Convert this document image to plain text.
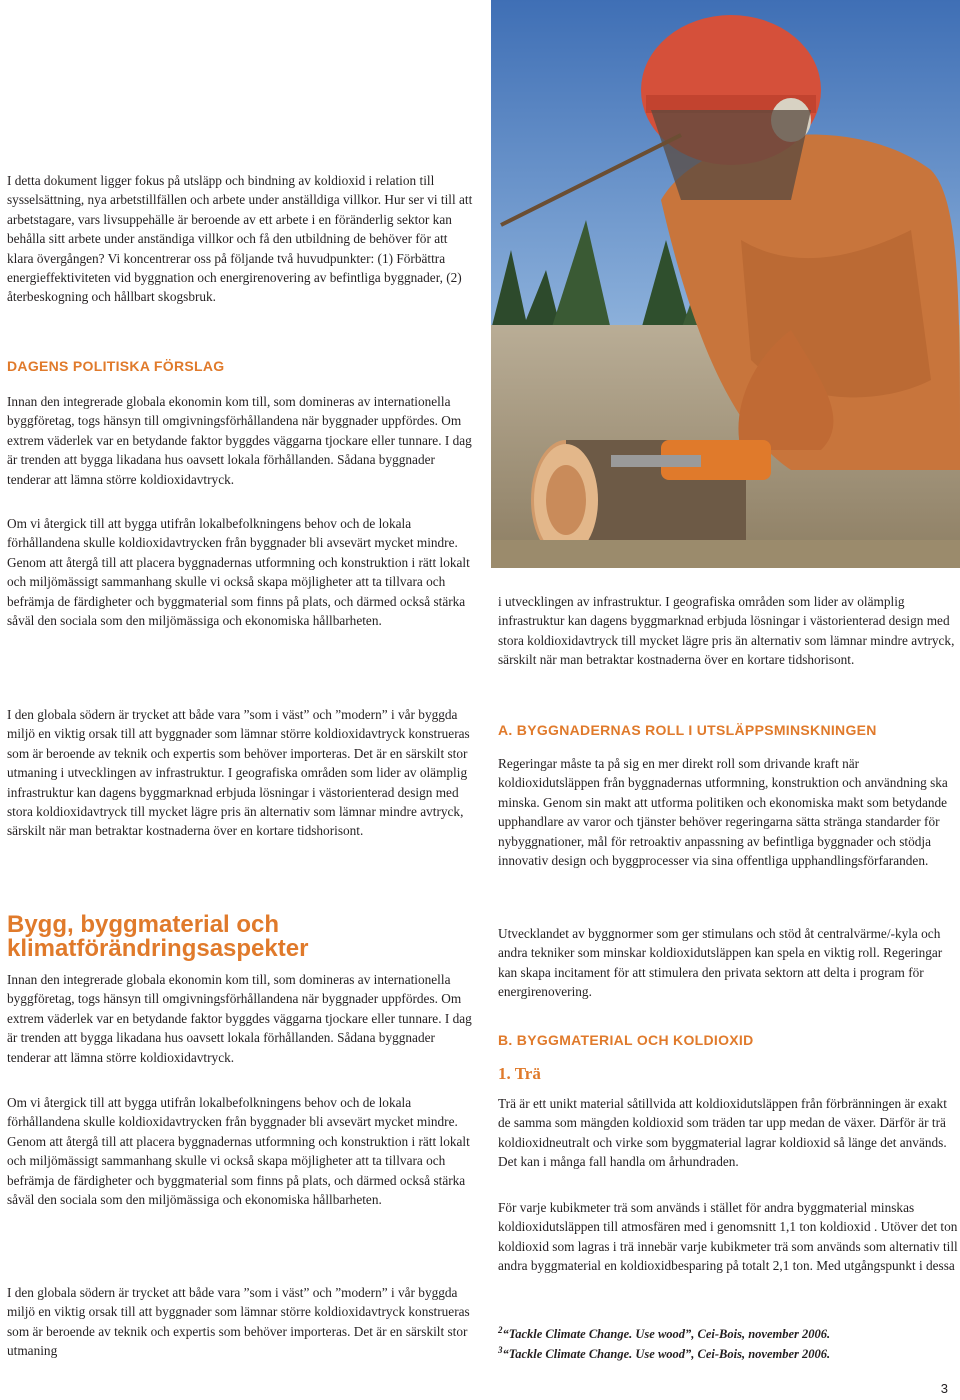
I detta dokument ligger fokus på utsläpp och bindning av koldioxid i relation till sysselsättning, nya arbetstillfällen och arbete under anställdiga villkor. Hur ser vi till att arbetstagare, vars livsuppehälle är beroende av ett arbete i en föränderlig sektor kan behålla sitt arbete under anständiga villkor och få den utbildning de behöver för att klara övergången? Vi koncentrerar oss på följande två huvudpunkter: (1) Förbättra energieffektiviteten vid byggnation och energirenovering av befintliga byggnader, (2) återbeskogning och hållbart skogsbruk.

DAGENS POLITISKA FÖRSLAG

Innan den integrerade globala ekonomin kom till, som domineras av internationella byggföretag, togs hänsyn till omgivningsförhållandena när byggnader uppfördes. Om extrem väderlek var en betydande faktor byggdes väggarna tjockare eller tunnare. I dag är trenden att bygga likadana hus oavsett lokala förhållanden. Sådana byggnader tenderar att lämna större koldioxidavtryck.

Om vi återgick till att bygga utifrån lokalbefolkningens behov och de lokala förhållandena skulle koldioxidavtrycken från byggnader bli avsevärt mycket mindre. Genom att återgå till att placera byggnadernas utformning och konstruktion i rätt lokalt och miljömässigt sammanhang skulle vi också skapa möjligheter att ta tillvara och befrämja de färdigheter och byggmaterial som finns på plats, och därmed också stärka såväl den sociala som den miljömässiga och ekonomiska hållbarheten.

I den globala södern är trycket att både vara ”som i väst” och ”modern” i vår byggda miljö en viktig orsak till att byggnader som lämnar större koldioxidavtryck konstrueras som är beroende av teknik och expertis som behöver importeras. Det är en särskilt stor utmaning i utvecklingen av infrastruktur. I geografiska områden som lider av olämplig infrastruktur kan dagens byggmarknad erbjuda lösningar i västorienterad design med stora koldioxidavtryck till mycket lägre pris än alternativ som lämnar mindre avtryck, särskilt när man betraktar kostnaderna över en kortare tidshorisont.

Bygg, byggmaterial och klimatförändringsaspekter

Innan den integrerade globala ekonomin kom till, som domineras av internationella byggföretag, togs hänsyn till omgivningsförhållandena när byggnader uppfördes. Om extrem väderlek var en betydande faktor byggdes väggarna tjockare eller tunnare. I dag är trenden att bygga likadana hus oavsett lokala förhållanden. Sådana byggnader tenderar att lämna större koldioxidavtryck.

Om vi återgick till att bygga utifrån lokalbefolkningens behov och de lokala förhållandena skulle koldioxidavtrycken från byggnader bli avsevärt mycket mindre. Genom att återgå till att placera byggnadernas utformning och konstruktion i rätt lokalt och miljömässigt sammanhang skulle vi också skapa möjligheter att ta tillvara och befrämja de färdigheter och byggmaterial som finns på plats, och därmed också stärka såväl den sociala som den miljömässiga och ekonomiska hållbarheten.

I den globala södern är trycket att både vara ”som i väst” och ”modern” i vår byggda miljö en viktig orsak till att byggnader som lämnar större koldioxidavtryck konstrueras som är beroende av teknik och expertis som behöver importeras. Det är en särskilt stor utmaning

i utvecklingen av infrastruktur. I geografiska områden som lider av olämplig infrastruktur kan dagens byggmarknad erbjuda lösningar i västorienterad design med stora koldioxidavtryck till mycket lägre pris än alternativ som lämnar mindre avtryck, särskilt när man betraktar kostnaderna över en kortare tidshorisont.

A. BYGGNADERNAS ROLL I UTSLÄPPSMINSKNINGEN

Regeringar måste ta på sig en mer direkt roll som drivande kraft när koldioxidutsläppen från byggnadernas utformning, konstruktion och användning ska minska. Genom sin makt att utforma politiken och ekonomiska makt som betydande upphandlare av varor och tjänster behöver regeringarna sätta stränga standarder för nybyggnationer, mål för retroaktiv anpassning av befintliga byggnader och stödja innovativ design och byggprocesser via sina offentliga upphandlingsförfaranden.

Utvecklandet av byggnormer som ger stimulans och stöd åt centralvärme/-kyla och andra tekniker som minskar koldioxidutsläppen kan spela en viktig roll. Regeringar kan skapa incitament för att stimulera den privata sektorn att delta i program för energirenovering.

B. BYGGMATERIAL OCH KOLDIOXID
1. Trä

Trä är ett unikt material såtillvida att koldioxidutsläppen från förbränningen är exakt de samma som mängden koldioxid som träden tar upp medan de växer. Därför är trä koldioxidneutralt och virke som byggmaterial lagrar koldioxid så länge det används. Det kan i många fall handla om århundraden.

För varje kubikmeter trä som används i stället för andra byggmaterial minskas koldioxidutsläppen till atmosfären med i genomsnitt 1,1 ton koldioxid . Utöver det ton koldioxid som lagras i trä innebär varje kubikmeter trä som används som alternativ till andra byggmaterial en koldioxidbesparing på totalt 2,1 ton. Med utgångspunkt i dessa

$^2$“Tackle Climate Change. Use wood”, Cei-Bois, november 2006.

$^3$“Tackle Climate Change. Use wood”, Cei-Bois, november 2006.

3
